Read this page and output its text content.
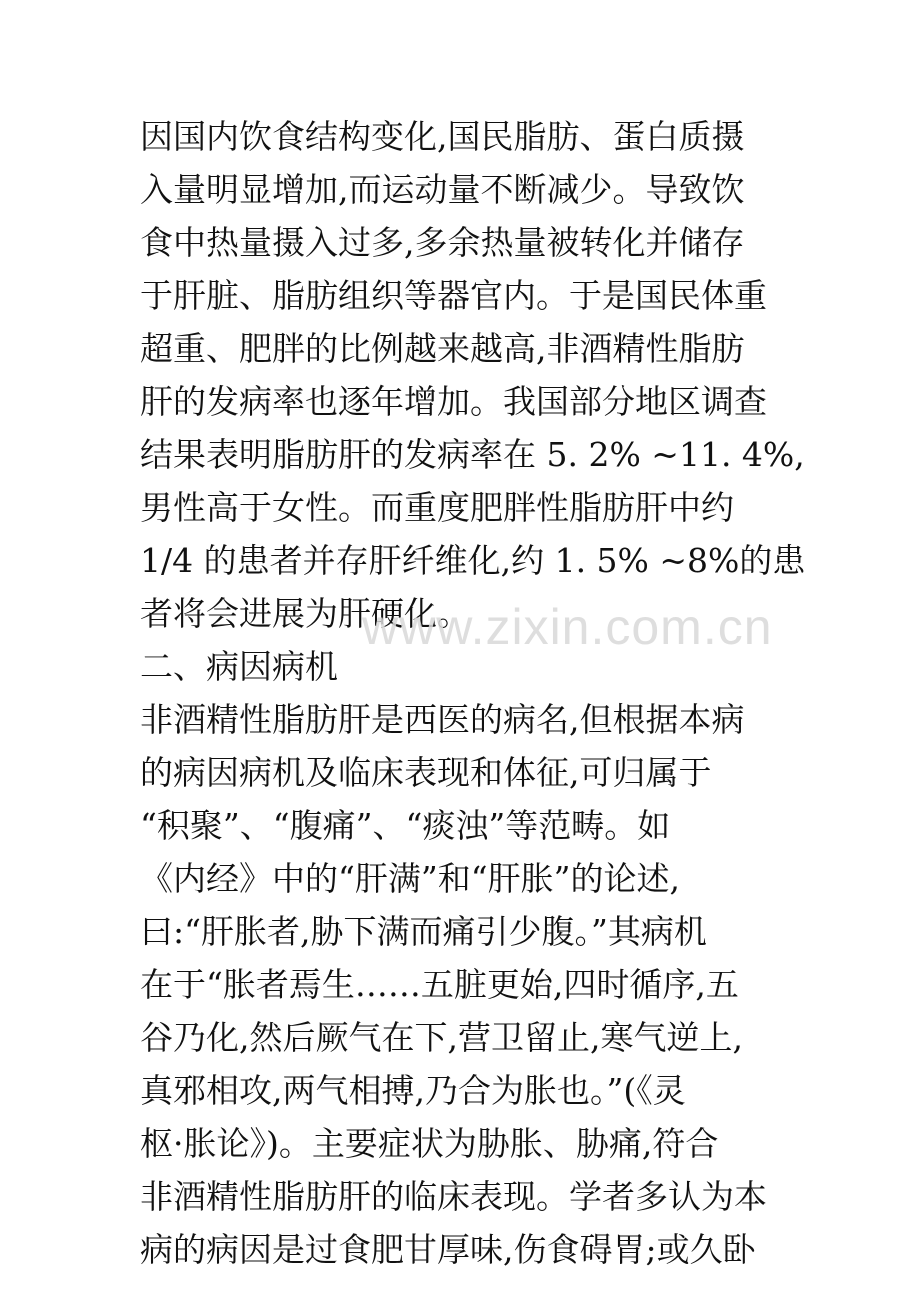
因国内饮食结构变化,国民脂肪、蛋白质摄
入量明显增加,而运动量不断减少。导致饮
食中热量摄入过多,多余热量被转化并储存
于肝脏、脂肪组织等器官内。于是国民体重
超重、肥胖的比例越来越高,非酒精性脂肪
肝的发病率也逐年增加。我国部分地区调查
结果表明脂肪肝的发病率在 5. 2% ~11. 4%,
男性高于女性。而重度肥胖性脂肪肝中约
1/4 的患者并存肝纤维化,约 1. 5% ~8%的患
者将会进展为肝硬化。
二、病因病机
非酒精性脂肪肝是西医的病名,但根据本病
的病因病机及临床表现和体征,可归属于
“积聚”、“腹痛”、“痰浊”等范畴。如
《内经》中的“肝满”和“肝胀”的论述,
曰:“肝胀者,胁下满而痛引少腹。”其病机
在于“胀者焉生……五脏更始,四时循序,五
谷乃化,然后厥气在下,营卫留止,寒气逆上,
真邪相攻,两气相搏,乃合为胀也。”(《灵
枢·胀论》)。主要症状为胁胀、胁痛,符合
非酒精性脂肪肝的临床表现。学者多认为本
病的病因是过食肥甘厚味,伤食碍胃;或久卧
www.zixin.com.cn
